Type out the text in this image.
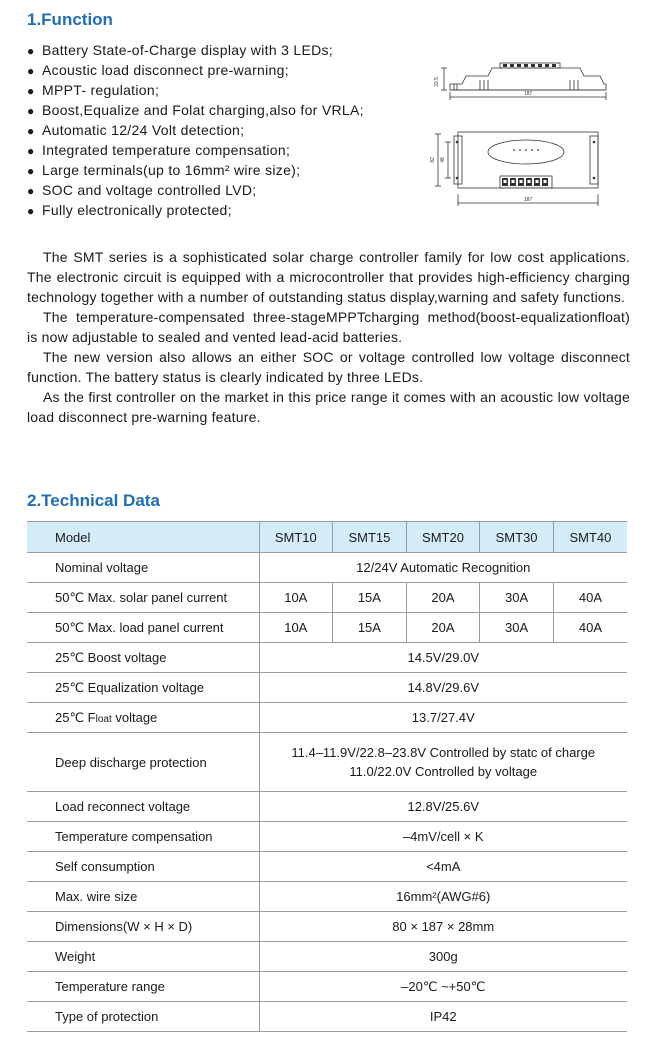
1.Function
● Battery State-of-Charge display with 3 LEDs;
● Acoustic load disconnect pre-warning;
● MPPT- regulation;
● Boost,Equalize and Folat charging,also for VRLA;
● Automatic 12/24 Volt detection;
● Integrated temperature compensation;
● Large terminals(up to 16mm² wire size);
● SOC and voltage controlled LVD;
● Fully electronically protected;
33.5
187
82 48
187

The SMT series is a sophisticated solar charge controller family for low cost applications. The electronic circuit is equipped with a microcontroller that provides high-efficiency charging technology together with a number of outstanding status display,warning and safety functions.

The temperature-compensated three-stageMPPTcharging method(boost-equalizationfloat) is now adjustable to sealed and vented lead-acid batteries.

The new version also allows an either SOC or voltage controlled low voltage disconnect function. The battery status is clearly indicated by three LEDs.

As the first controller on the market in this price range it comes with an acoustic low voltage load disconnect pre-warning feature.

2.Technical Data
Model	SMT10	SMT15	SMT20	SMT30	SMT40
Nominal voltage	12/24V Automatic Recognition				
50℃ Max. solar panel current	10A	15A	20A	30A	40A
50℃ Max. load panel current	10A	15A	20A	30A	40A
25℃ Boost voltage	14.5V/29.0V				
25℃ Equalization voltage	14.8V/29.6V				
25℃ Float voltage	13.7/27.4V				
Deep discharge protection	11.4–11.9V/22.8–23.8V Controlled by statc of charge
11.0/22.0V Controlled by voltage				

Load reconnect voltage	12.8V/25.6V				
Temperature compensation	–4mV/cell × K				
Self consumption	<4mA				
Max. wire size	16mm²(AWG#6)				
Dimensions(W × H × D)	80 × 187 × 28mm				
Weight	300g				
Temperature range	–20℃ ~+50℃				
Type of protection	IP42				
